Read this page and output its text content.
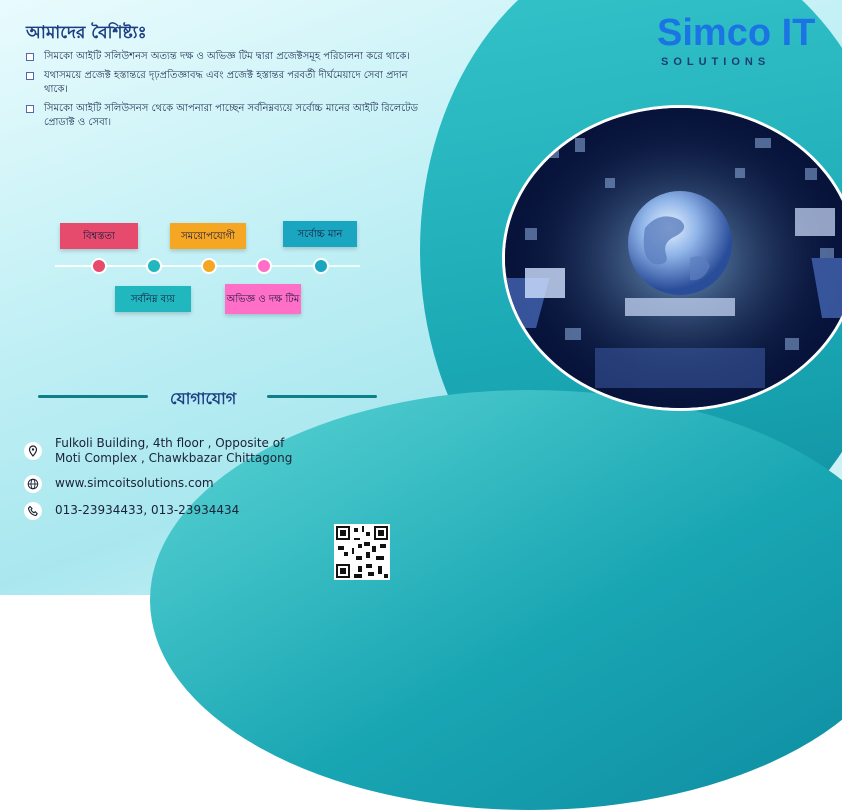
Simco IT
SOLUTIONS
আমাদের বৈশিষ্ট্যঃ
সিমকো আইটি সলিউশনস অত্যন্ত দক্ষ ও অভিজ্ঞ টিম দ্বারা প্রজেক্টসমূহ পরিচালনা করে থাকে।
যথাসময়ে প্রজেক্ট হস্তান্তরে দৃঢ়প্রতিজ্ঞাবদ্ধ এবং প্রজেক্ট হস্তান্তর পরবর্তী দীর্ঘমেয়াদে সেবা প্রদান থাকে।
সিমকো আইটি সলিউসনস থেকে আপনারা পাচ্ছেন সর্বনিম্নব্যয়ে সর্বোচ্চ মানের আইটি রিলেটেড প্রোডাক্ট ও সেবা।
বিশ্বস্ততা	সময়োপযোগী	সর্বোচ্চ মান
সর্বনিম্ন ব্যয়	অভিজ্ঞ ও দক্ষ টিম
যোগাযোগ
Fulkoli Building, 4th floor , Opposite of
Moti Complex , Chawkbazar Chittagong
www.simcoitsolutions.com
013-23934433, 013-23934434
